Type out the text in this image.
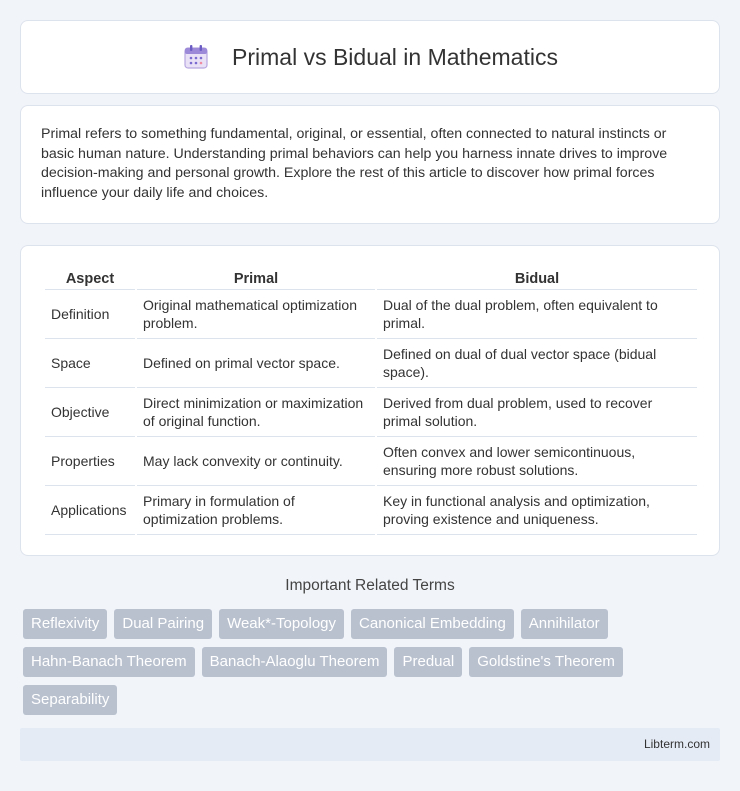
Primal vs Bidual in Mathematics

Primal refers to something fundamental, original, or essential, often connected to natural instincts or basic human nature. Understanding primal behaviors can help you harness innate drives to improve decision-making and personal growth. Explore the rest of this article to discover how primal forces influence your daily life and choices.

Aspect	Primal	Bidual
Definition	Original mathematical optimization problem.	Dual of the dual problem, often equivalent to primal.
Space	Defined on primal vector space.	Defined on dual of dual vector space (bidual space).
Objective	Direct minimization or maximization of original function.	Derived from dual problem, used to recover primal solution.
Properties	May lack convexity or continuity.	Often convex and lower semicontinuous, ensuring more robust solutions.
Applications	Primary in formulation of optimization problems.	Key in functional analysis and optimization, proving existence and uniqueness.
Important Related Terms
Reflexivity	Dual Pairing	Weak*-Topology	Canonical Embedding	Annihilator
Hahn-Banach Theorem	Banach-Alaoglu Theorem	Predual	Goldstine's Theorem
Separability
Libterm.com
